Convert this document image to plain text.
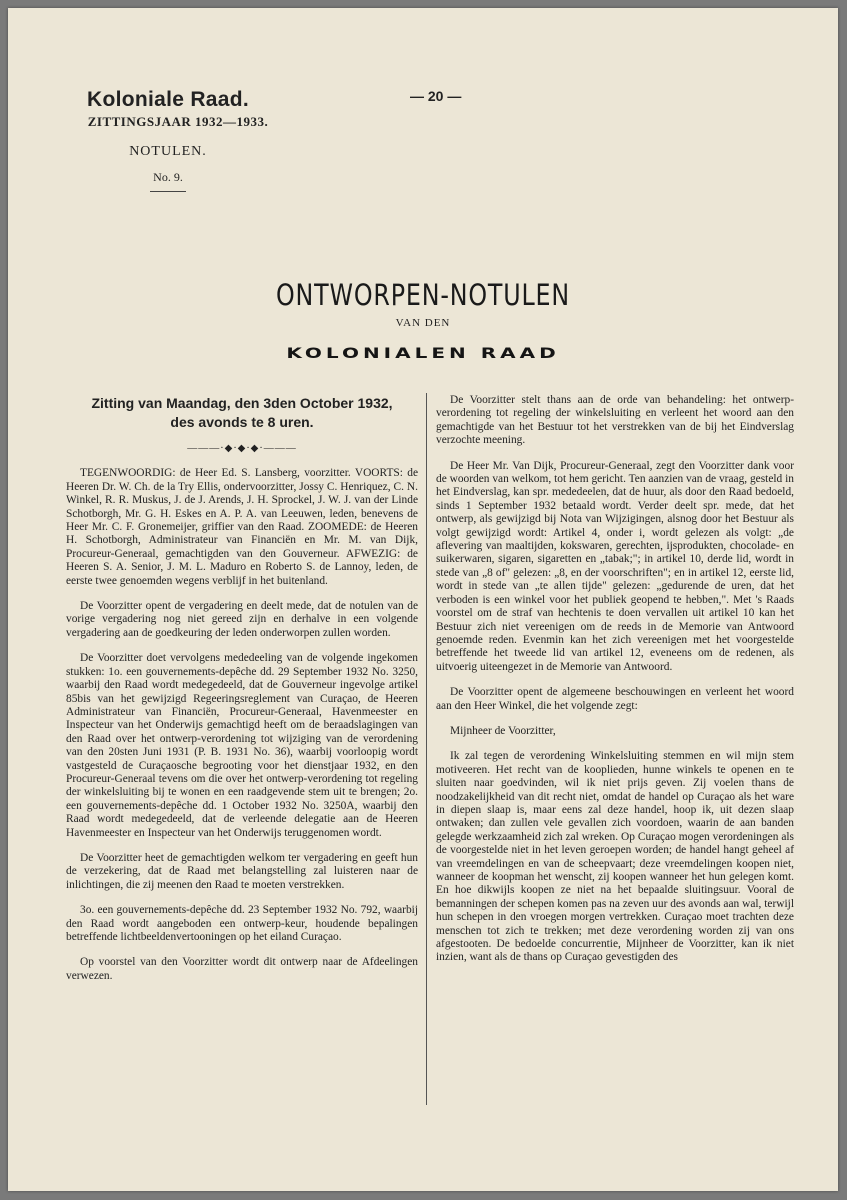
Koloniale Raad.
ZITTINGSJAAR 1932—1933.
NOTULEN.
No. 9.
— 20 —
ONTWORPEN-NOTULEN
VAN DEN
KOLONIALEN RAAD

Zitting van Maandag, den 3den October 1932,

des avonds te 8 uren.

———·◆·◆·◆·———

TEGENWOORDIG: de Heer Ed. S. Lansberg, voorzitter. VOORTS: de Heeren Dr. W. Ch. de la Try Ellis, ondervoorzitter, Jossy C. Henriquez, C. N. Winkel, R. R. Muskus, J. de J. Arends, J. H. Sprockel, J. W. J. van der Linde Schotborgh, Mr. G. H. Eskes en A. P. A. van Leeuwen, leden, benevens de Heer Mr. C. F. Gronemeijer, griffier van den Raad. ZOOMEDE: de Heeren H. Schotborgh, Administrateur van Financiën en Mr. M. van Dijk, Procureur-Generaal, gemachtigden van den Gouverneur. AFWEZIG: de Heeren S. A. Senior, J. M. L. Maduro en Roberto S. de Lannoy, leden, de eerste twee genoemden wegens verblijf in het buitenland.

De Voorzitter opent de vergadering en deelt mede, dat de notulen van de vorige vergadering nog niet gereed zijn en derhalve in een volgende vergadering aan de goedkeuring der leden onderworpen zullen worden.

De Voorzitter doet vervolgens mededeeling van de volgende ingekomen stukken: 1o. een gouvernements-depêche dd. 29 September 1932 No. 3250, waarbij den Raad wordt medegedeeld, dat de Gouverneur ingevolge artikel 85bis van het gewijzigd Regeeringsreglement van Curaçao, de Heeren Administrateur van Financiën, Procureur-Generaal, Havenmeester en Inspecteur van het Onderwijs gemachtigd heeft om de beraadslagingen van den Raad over het ontwerp-verordening tot wijziging van de verordening van den 20sten Juni 1931 (P. B. 1931 No. 36), waarbij voorloopig wordt vastgesteld de Curaçaosche begrooting voor het dienstjaar 1932, en den Procureur-Generaal tevens om die over het ontwerp-verordening tot regeling der winkelsluiting bij te wonen en een raadgevende stem uit te brengen; 2o. een gouvernements-depêche dd. 1 October 1932 No. 3250A, waarbij den Raad wordt medegedeeld, dat de verleende delegatie aan de Heeren Havenmeester en Inspecteur van het Onderwijs teruggenomen wordt.

De Voorzitter heet de gemachtigden welkom ter vergadering en geeft hun de verzekering, dat de Raad met belangstelling zal luisteren naar de inlichtingen, die zij meenen den Raad te moeten verstrekken.

3o. een gouvernements-depêche dd. 23 September 1932 No. 792, waarbij den Raad wordt aangeboden een ontwerp-keur, houdende bepalingen betreffende lichtbeeldenvertooningen op het eiland Curaçao.

Op voorstel van den Voorzitter wordt dit ontwerp naar de Afdeelingen verwezen.

De Voorzitter stelt thans aan de orde van behandeling: het ontwerp-verordening tot regeling der winkelsluiting en verleent het woord aan den gemachtigde van het Bestuur tot het verstrekken van de bij het Eindverslag verzochte meening.

De Heer Mr. Van Dijk, Procureur-Generaal, zegt den Voorzitter dank voor de woorden van welkom, tot hem gericht. Ten aanzien van de vraag, gesteld in het Eindverslag, kan spr. mededeelen, dat de huur, als door den Raad bedoeld, sinds 1 September 1932 betaald wordt. Verder deelt spr. mede, dat het ontwerp, als gewijzigd bij Nota van Wijzigingen, alsnog door het Bestuur als volgt gewijzigd wordt: Artikel 4, onder i, wordt gelezen als volgt: „de aflevering van maaltijden, kokswaren, gerechten, ijsprodukten, chocolade- en suikerwaren, sigaren, sigaretten en „tabak;"; in artikel 10, derde lid, wordt in stede van „8 of" gelezen: „8, en der voorschriften"; en in artikel 12, eerste lid, wordt in stede van „te allen tijde" gelezen: „gedurende de uren, dat het verboden is een winkel voor het publiek geopend te hebben,". Met 's Raads voorstel om de straf van hechtenis te doen vervallen uit artikel 10 kan het Bestuur zich niet vereenigen om de reeds in de Memorie van Antwoord genoemde reden. Evenmin kan het zich vereenigen met het voorgestelde betreffende het tweede lid van artikel 12, eveneens om de redenen, als uitvoerig uiteengezet in de Memorie van Antwoord.

De Voorzitter opent de algemeene beschouwingen en verleent het woord aan den Heer Winkel, die het volgende zegt:

Mijnheer de Voorzitter,

Ik zal tegen de verordening Winkelsluiting stemmen en wil mijn stem motiveeren. Het recht van de kooplieden, hunne winkels te openen en te sluiten naar goedvinden, wil ik niet prijs geven. Zij voelen thans de noodzakelijkheid van dit recht niet, omdat de handel op Curaçao als het ware in diepen slaap is, maar eens zal deze handel, hoop ik, uit dezen slaap ontwaken; dan zullen vele gevallen zich voordoen, waarin de aan banden gelegde werkzaamheid zich zal wreken. Op Curaçao mogen verordeningen als de voorgestelde niet in het leven geroepen worden; de handel hangt geheel af van vreemdelingen en van de scheepvaart; deze vreemdelingen koopen niet, wanneer de koopman het wenscht, zij koopen wanneer het hun gelegen komt. En hoe dikwijls koopen ze niet na het bepaalde sluitingsuur. Vooral de bemanningen der schepen komen pas na zeven uur des avonds aan wal, terwijl hun schepen in den vroegen morgen vertrekken. Curaçao moet trachten deze menschen tot zich te trekken; met deze verordening worden zij van ons afgestooten. De bedoelde concurrentie, Mijnheer de Voorzitter, kan ik niet inzien, want als de thans op Curaçao gevestigden des
